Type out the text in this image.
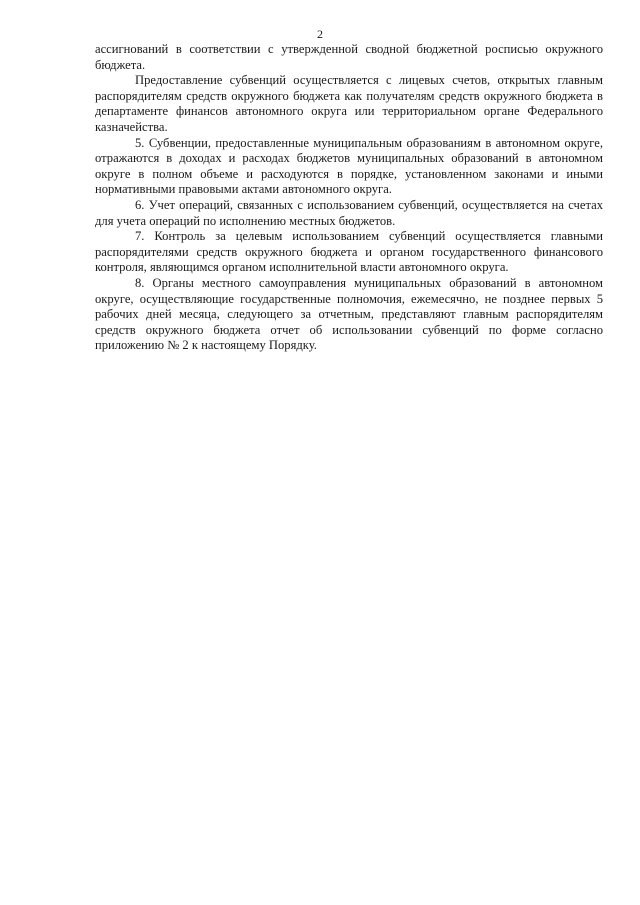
2

ассигнований в соответствии с утвержденной сводной бюджетной росписью окружного бюджета.

Предоставление субвенций осуществляется с лицевых счетов, открытых главным распорядителям средств окружного бюджета как получателям средств окружного бюджета в департаменте финансов автономного округа или территориальном органе Федерального казначейства.

5. Субвенции, предоставленные муниципальным образованиям в автономном округе, отражаются в доходах и расходах бюджетов муниципальных образований в автономном округе в полном объеме и расходуются в порядке, установленном законами и иными нормативными правовыми актами автономного округа.

6. Учет операций, связанных с использованием субвенций, осуществляется на счетах для учета операций по исполнению местных бюджетов.

7. Контроль за целевым использованием субвенций осуществляется главными распорядителями средств окружного бюджета и органом государственного финансового контроля, являющимся органом исполнительной власти автономного округа.

8. Органы местного самоуправления муниципальных образований в автономном округе, осуществляющие государственные полномочия, ежемесячно, не позднее первых 5 рабочих дней месяца, следующего за отчетным, представляют главным распорядителям средств окружного бюджета отчет об использовании субвенций по форме согласно приложению № 2 к настоящему Порядку.
